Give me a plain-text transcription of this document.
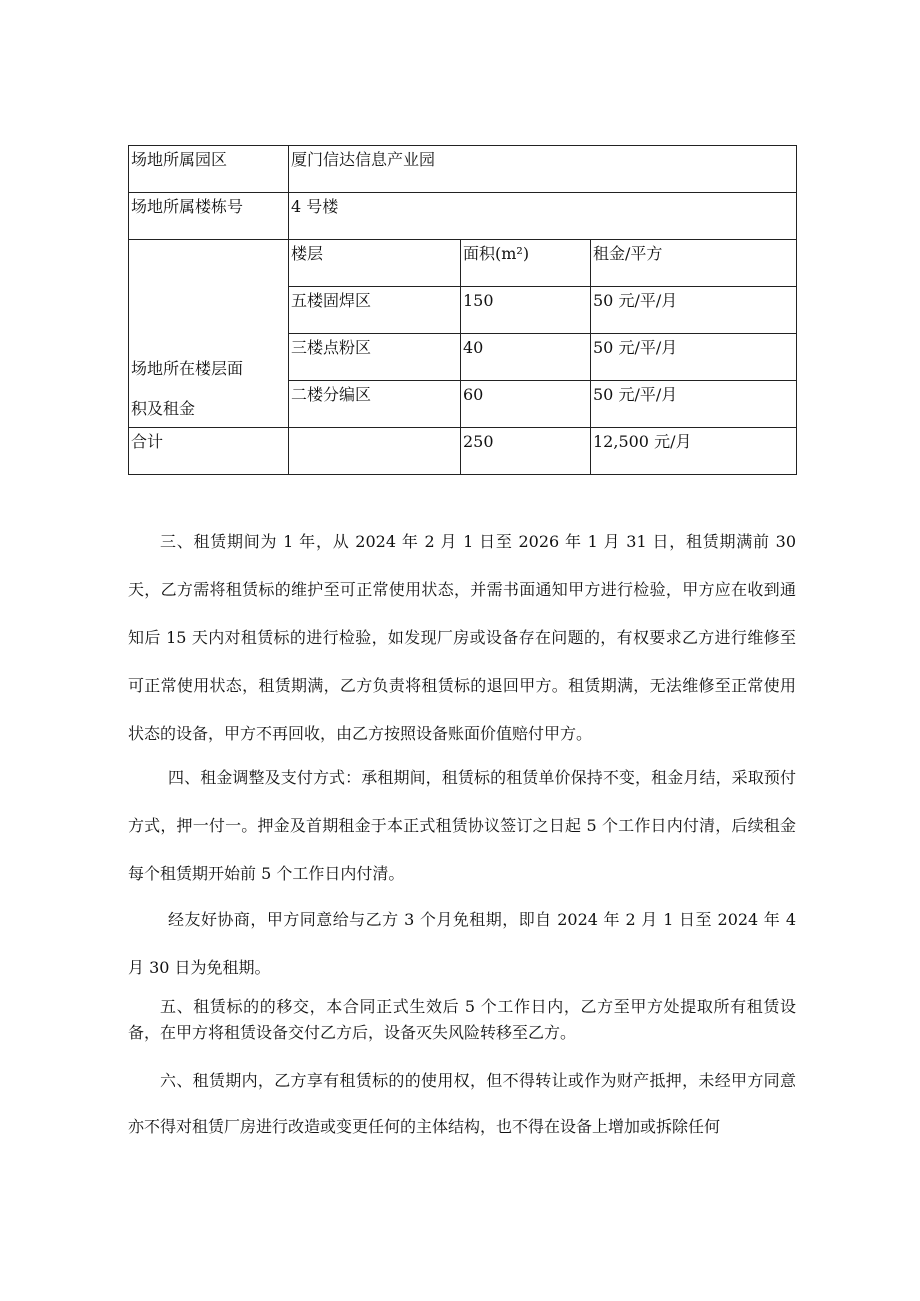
场地所属园区	厦门信达信息产业园		
场地所属楼栋号	4 号楼		

场地所在楼层面
积及租金	楼层	面积(m²)	租金/平方
	五楼固焊区	150	50 元/平/月
	三楼点粉区	40	50 元/平/月
	二楼分编区	60	50 元/平/月
合计		250	12,500 元/月

三、租赁期间为 1 年，从 2024 年 2 月 1 日至 2026 年 1 月 31 日，租赁期满前 30 天，乙方需将租赁标的维护至可正常使用状态，并需书面通知甲方进行检验，甲方应在收到通知后 15 天内对租赁标的进行检验，如发现厂房或设备存在问题的，有权要求乙方进行维修至可正常使用状态，租赁期满，乙方负责将租赁标的退回甲方。租赁期满，无法维修至正常使用状态的设备，甲方不再回收，由乙方按照设备账面价值赔付甲方。

四、租金调整及支付方式：承租期间，租赁标的租赁单价保持不变，租金月结，采取预付方式，押一付一。押金及首期租金于本正式租赁协议签订之日起 5 个工作日内付清，后续租金每个租赁期开始前 5 个工作日内付清。

经友好协商，甲方同意给与乙方 3 个月免租期，即自 2024 年 2 月 1 日至 2024 年 4 月 30 日为免租期。

五、租赁标的的移交，本合同正式生效后 5 个工作日内，乙方至甲方处提取所有租赁设备，在甲方将租赁设备交付乙方后，设备灭失风险转移至乙方。

六、租赁期内，乙方享有租赁标的的使用权，但不得转让或作为财产抵押，未经甲方同意亦不得对租赁厂房进行改造或变更任何的主体结构，也不得在设备上增加或拆除任何
